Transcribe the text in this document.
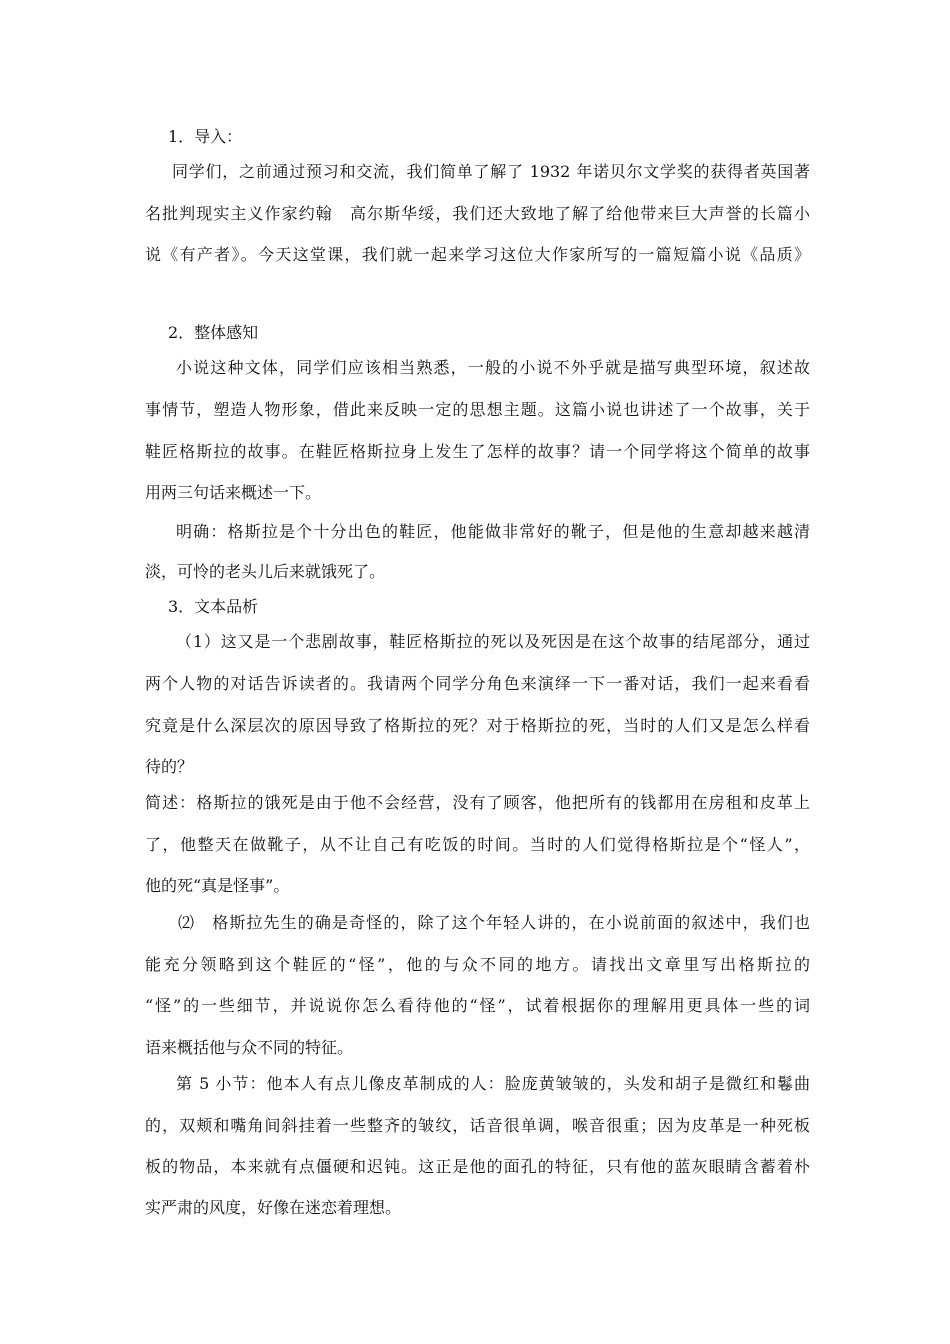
1．导入：
同学们，之前通过预习和交流，我们简单了解了 1932 年诺贝尔文学奖的获得者英国著
名批判现实主义作家约翰　高尔斯华绥，我们还大致地了解了给他带来巨大声誉的长篇小
说《有产者》。今天这堂课，我们就一起来学习这位大作家所写的一篇短篇小说《品质》
2．整体感知
小说这种文体，同学们应该相当熟悉，一般的小说不外乎就是描写典型环境，叙述故
事情节，塑造人物形象，借此来反映一定的思想主题。这篇小说也讲述了一个故事，关于
鞋匠格斯拉的故事。在鞋匠格斯拉身上发生了怎样的故事？请一个同学将这个简单的故事
用两三句话来概述一下。
明确：格斯拉是个十分出色的鞋匠，他能做非常好的靴子，但是他的生意却越来越清
淡，可怜的老头儿后来就饿死了。
3．文本品析
（1）这又是一个悲剧故事，鞋匠格斯拉的死以及死因是在这个故事的结尾部分，通过
两个人物的对话告诉读者的。我请两个同学分角色来演绎一下一番对话，我们一起来看看
究竟是什么深层次的原因导致了格斯拉的死？对于格斯拉的死，当时的人们又是怎么样看
待的？
简述：格斯拉的饿死是由于他不会经营，没有了顾客，他把所有的钱都用在房租和皮革上
了，他整天在做靴子，从不让自己有吃饭的时间。当时的人们觉得格斯拉是个“怪人”，
他的死“真是怪事”。
⑵　格斯拉先生的确是奇怪的，除了这个年轻人讲的，在小说前面的叙述中，我们也
能充分领略到这个鞋匠的“怪”，他的与众不同的地方。请找出文章里写出格斯拉的
“怪”的一些细节，并说说你怎么看待他的“怪”，试着根据你的理解用更具体一些的词
语来概括他与众不同的特征。
第 5 小节：他本人有点儿像皮革制成的人：脸庞黄皱皱的，头发和胡子是微红和鬈曲
的，双颊和嘴角间斜挂着一些整齐的皱纹，话音很单调，喉音很重；因为皮革是一种死板
板的物品，本来就有点僵硬和迟钝。这正是他的面孔的特征，只有他的蓝灰眼睛含蓄着朴
实严肃的风度，好像在迷恋着理想。
